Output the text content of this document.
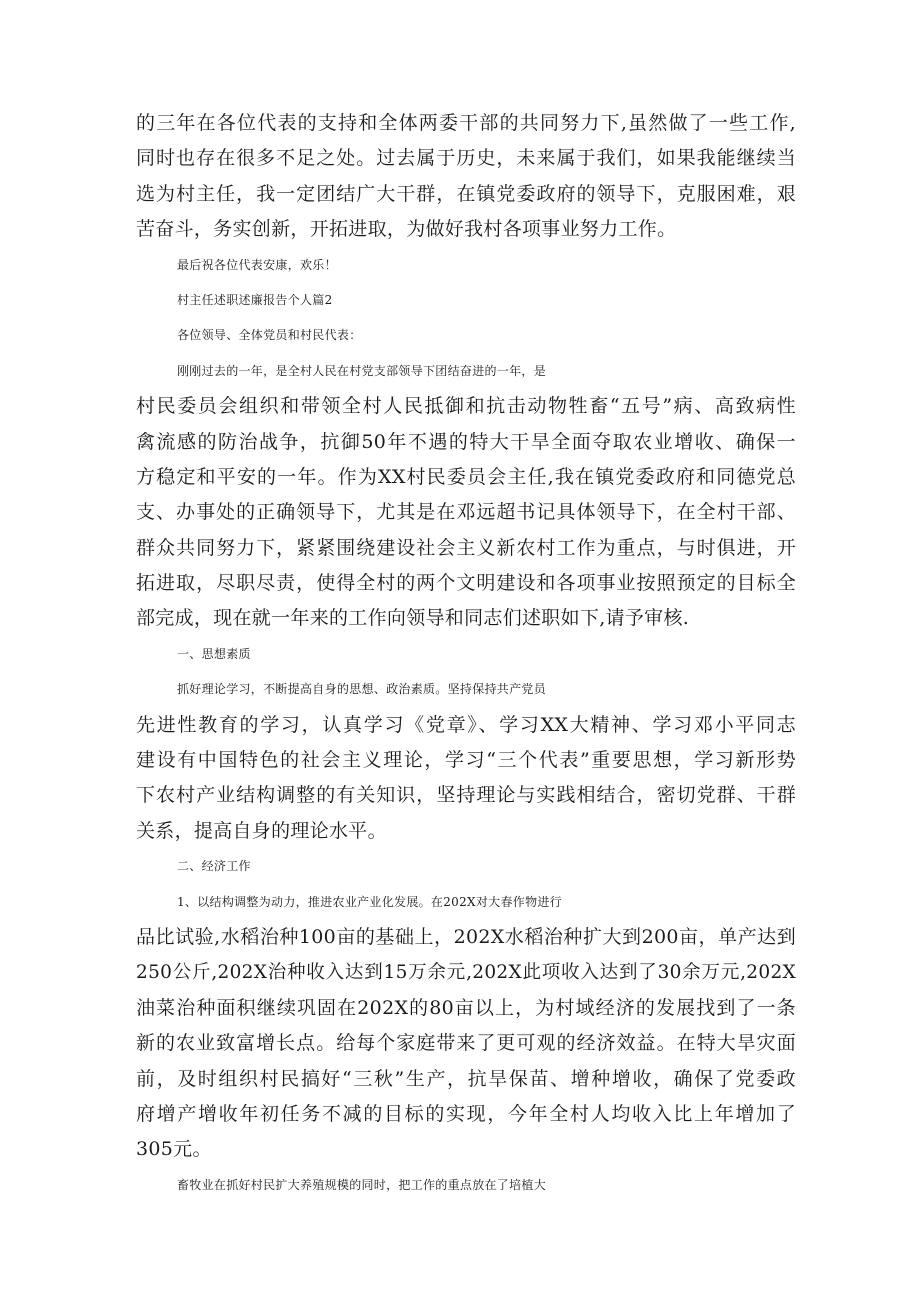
的三年在各位代表的支持和全体两委干部的共同努力下,虽然做了一些工作,
同时也存在很多不足之处。过去属于历史，未来属于我们，如果我能继续当
选为村主任，我一定团结广大干群，在镇党委政府的领导下，克服困难，艰
苦奋斗，务实创新，开拓进取，为做好我村各项事业努力工作。
最后祝各位代表安康，欢乐！
村主任述职述廉报告个人篇2
各位领导、全体党员和村民代表：
刚刚过去的一年，是全村人民在村党支部领导下团结奋进的一年，是
村民委员会组织和带领全村人民抵御和抗击动物牲畜“五号”病、高致病性
禽流感的防治战争，抗御50年不遇的特大干旱全面夺取农业增收、确保一
方稳定和平安的一年。作为XX村民委员会主任,我在镇党委政府和同德党总
支、办事处的正确领导下，尤其是在邓远超书记具体领导下，在全村干部、
群众共同努力下，紧紧围绕建设社会主义新农村工作为重点，与时俱进，开
拓进取，尽职尽责，使得全村的两个文明建设和各项事业按照预定的目标全
部完成，现在就一年来的工作向领导和同志们述职如下,请予审核.
一、思想素质
抓好理论学习，不断提高自身的思想、政治素质。坚持保持共产党员
先进性教育的学习，认真学习《党章》、学习XX大精神、学习邓小平同志
建设有中国特色的社会主义理论，学习“三个代表”重要思想，学习新形势
下农村产业结构调整的有关知识，坚持理论与实践相结合，密切党群、干群
关系，提高自身的理论水平。
二、经济工作
1、以结构调整为动力，推进农业产业化发展。在202X对大春作物进行
品比试验,水稻治种100亩的基础上，202X水稻治种扩大到200亩，单产达到
250公斤,202X治种收入达到15万余元,202X此项收入达到了30余万元,202X
油菜治种面积继续巩固在202X的80亩以上，为村域经济的发展找到了一条
新的农业致富增长点。给每个家庭带来了更可观的经济效益。在特大旱灾面
前，及时组织村民搞好“三秋”生产，抗旱保苗、增种增收，确保了党委政
府增产增收年初任务不减的目标的实现，今年全村人均收入比上年增加了
305元。
畜牧业在抓好村民扩大养殖规模的同时，把工作的重点放在了培植大
